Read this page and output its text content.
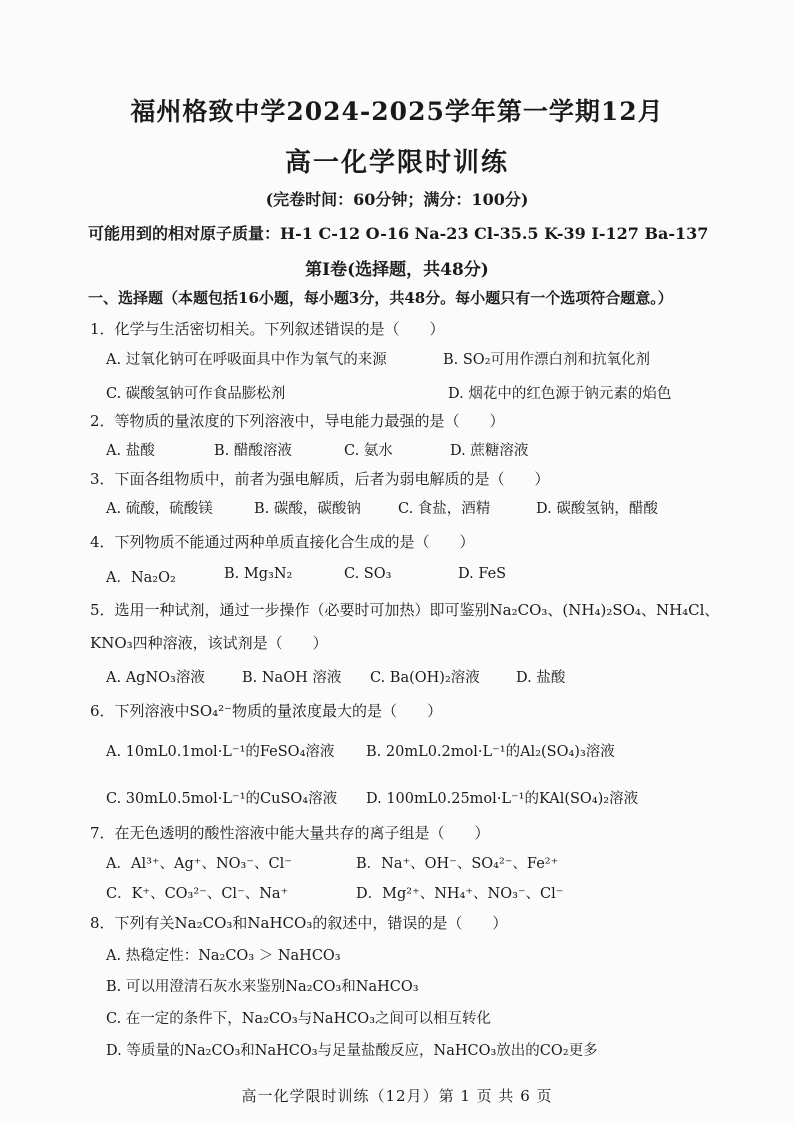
福州格致中学2024-2025学年第一学期12月
高一化学限时训练
(完卷时间：60分钟；满分：100分)
可能用到的相对原子质量：H-1 C-12 O-16 Na-23 Cl-35.5 K-39 I-127 Ba-137
第Ⅰ卷(选择题，共48分)
一、选择题（本题包括16小题，每小题3分，共48分。每小题只有一个选项符合题意。）
1．化学与生活密切相关。下列叙述错误的是（　　）
A. 过氧化钠可在呼吸面具中作为氧气的来源	B. SO₂可用作漂白剂和抗氧化剂
C. 碳酸氢钠可作食品膨松剂	D. 烟花中的红色源于钠元素的焰色
2．等物质的量浓度的下列溶液中，导电能力最强的是（　　）
A. 盐酸	B. 醋酸溶液	C. 氨水	D. 蔗糖溶液
3．下面各组物质中，前者为强电解质，后者为弱电解质的是（　　）
A. 硫酸，硫酸镁	B. 碳酸，碳酸钠	C. 食盐，酒精	D. 碳酸氢钠，醋酸
4．下列物质不能通过两种单质直接化合生成的是（　　）
A．Na₂O₂	B. Mg₃N₂	C. SO₃	D. FeS
5．选用一种试剂，通过一步操作（必要时可加热）即可鉴别Na₂CO₃、(NH₄)₂SO₄、NH₄Cl、
KNO₃四种溶液，该试剂是（　　）
A. AgNO₃溶液	B. NaOH 溶液 C. Ba(OH)₂溶液 D. 盐酸
6．下列溶液中SO₄²⁻物质的量浓度最大的是（　　）
A. 10mL0.1mol·L⁻¹的FeSO₄溶液 B. 20mL0.2mol·L⁻¹的Al₂(SO₄)₃溶液
C. 30mL0.5mol·L⁻¹的CuSO₄溶液 D. 100mL0.25mol·L⁻¹的KAl(SO₄)₂溶液
7．在无色透明的酸性溶液中能大量共存的离子组是（　　）
A．Al³⁺、Ag⁺、NO₃⁻、Cl⁻	B．Na⁺、OH⁻、SO₄²⁻、Fe²⁺
C．K⁺、CO₃²⁻、Cl⁻、Na⁺	D．Mg²⁺、NH₄⁺、NO₃⁻、Cl⁻
8．下列有关Na₂CO₃和NaHCO₃的叙述中，错误的是（　　）
A. 热稳定性：Na₂CO₃ ＞ NaHCO₃
B. 可以用澄清石灰水来鉴别Na₂CO₃和NaHCO₃
C. 在一定的条件下，Na₂CO₃与NaHCO₃之间可以相互转化
D. 等质量的Na₂CO₃和NaHCO₃与足量盐酸反应，NaHCO₃放出的CO₂更多
高一化学限时训练（12月）第 1 页 共 6 页
